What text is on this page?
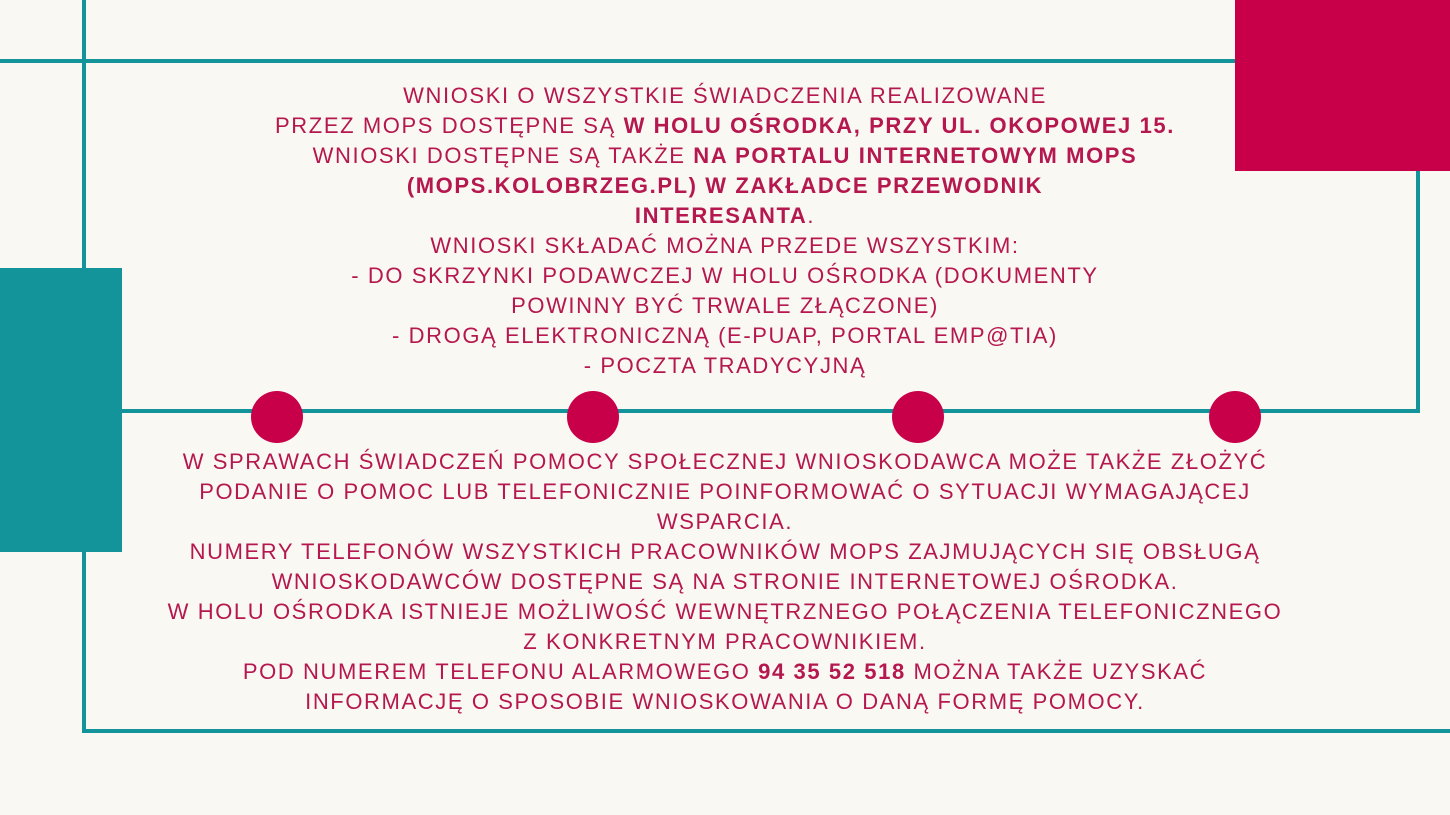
WNIOSKI O WSZYSTKIE ŚWIADCZENIA REALIZOWANE

PRZEZ MOPS DOSTĘPNE SĄ W HOLU OŚRODKA, PRZY UL. OKOPOWEJ 15.

WNIOSKI DOSTĘPNE SĄ TAKŻE NA PORTALU INTERNETOWYM MOPS

(MOPS.KOLOBRZEG.PL) W ZAKŁADCE PRZEWODNIK

INTERESANTA.

WNIOSKI SKŁADAĆ MOŻNA PRZEDE WSZYSTKIM:

- DO SKRZYNKI PODAWCZEJ W HOLU OŚRODKA (DOKUMENTY

POWINNY BYĆ TRWALE ZŁĄCZONE)

- DROGĄ ELEKTRONICZNĄ (E-PUAP, PORTAL EMP@TIA)

- POCZTA TRADYCYJNĄ

W SPRAWACH ŚWIADCZEŃ POMOCY SPOŁECZNEJ WNIOSKODAWCA MOŻE TAKŻE ZŁOŻYĆ

PODANIE O POMOC LUB TELEFONICZNIE POINFORMOWAĆ O SYTUACJI WYMAGAJĄCEJ

WSPARCIA.

NUMERY TELEFONÓW WSZYSTKICH PRACOWNIKÓW MOPS ZAJMUJĄCYCH SIĘ OBSŁUGĄ

WNIOSKODAWCÓW DOSTĘPNE SĄ NA STRONIE INTERNETOWEJ OŚRODKA.

W HOLU OŚRODKA ISTNIEJE MOŻLIWOŚĆ WEWNĘTRZNEGO POŁĄCZENIA TELEFONICZNEGO

Z KONKRETNYM PRACOWNIKIEM.

POD NUMEREM TELEFONU ALARMOWEGO 94 35 52 518 MOŻNA TAKŻE UZYSKAĆ

INFORMACJĘ O SPOSOBIE WNIOSKOWANIA O DANĄ FORMĘ POMOCY.
